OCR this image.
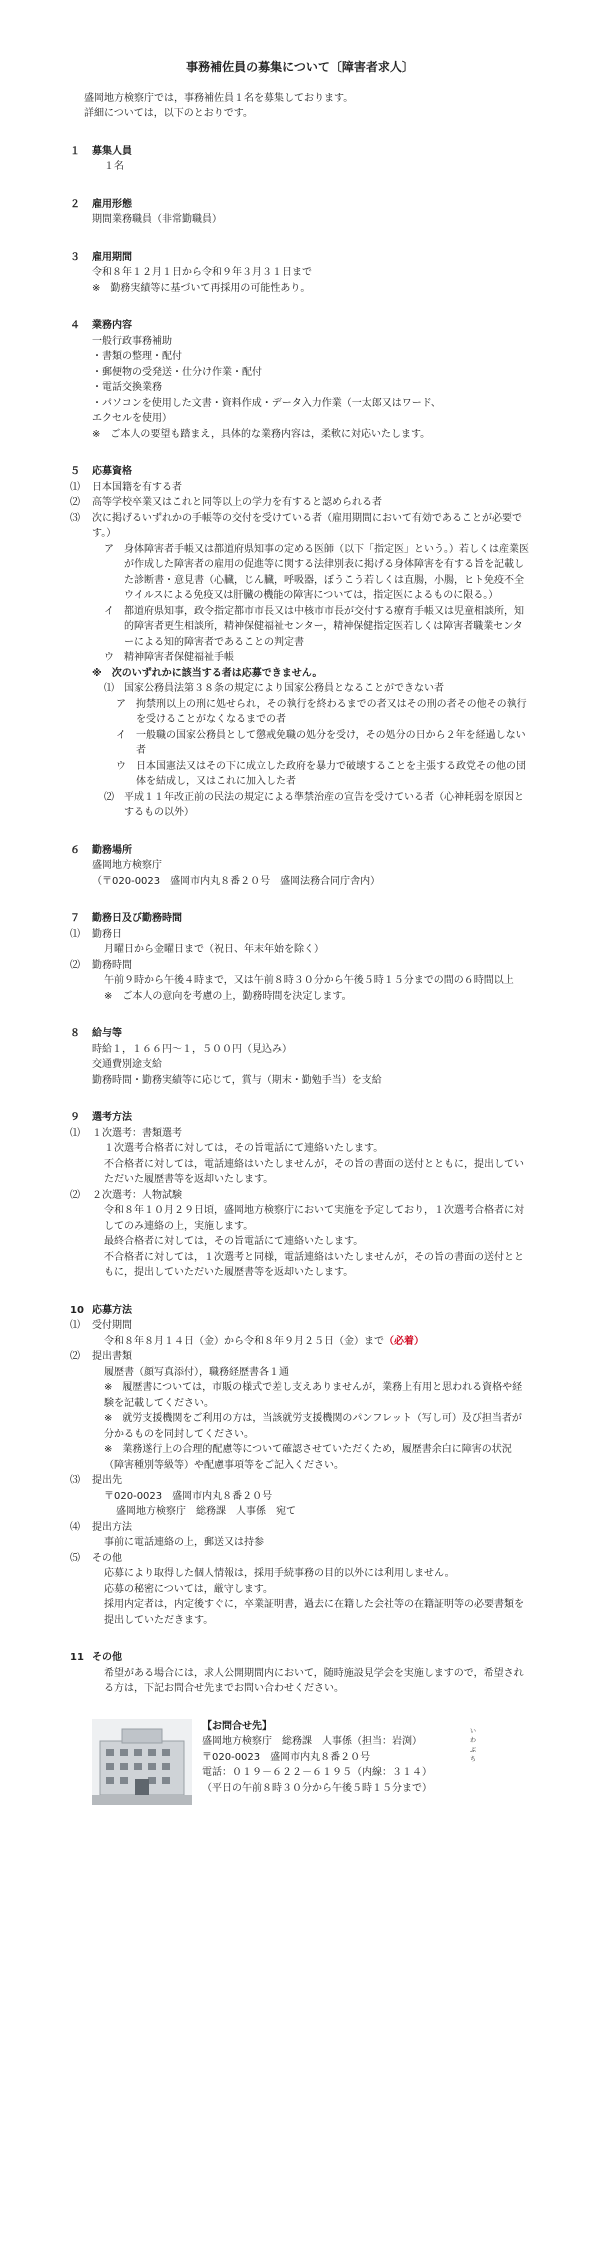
事務補佐員の募集について〔障害者求人〕
盛岡地方検察庁では，事務補佐員１名を募集しております。
詳細については，以下のとおりです。
１	募集人員
１名
２	雇用形態
期間業務職員（非常勤職員）
３	雇用期間
令和８年１２月１日から令和９年３月３１日まで
※　勤務実績等に基づいて再採用の可能性あり。
４	業務内容
一般行政事務補助
・書類の整理・配付
・郵便物の受発送・仕分け作業・配付
・電話交換業務
・パソコンを使用した文書・資料作成・データ入力作業（一太郎又はワード、
エクセルを使用）
※　ご本人の要望も踏まえ，具体的な業務内容は，柔軟に対応いたします。
５	応募資格
⑴	日本国籍を有する者
⑵	高等学校卒業又はこれと同等以上の学力を有すると認められる者
⑶	次に掲げるいずれかの手帳等の交付を受けている者（雇用期間において有効であることが必要です。）
ア	身体障害者手帳又は都道府県知事の定める医師（以下「指定医」という。）若しくは産業医が作成した障害者の雇用の促進等に関する法律別表に掲げる身体障害を有する旨を記載した診断書・意見書（心臓，じん臓，呼吸器，ぼうこう若しくは直腸，小腸，ヒト免疫不全ウイルスによる免疫又は肝臓の機能の障害については，指定医によるものに限る。）
イ	都道府県知事，政令指定都市市長又は中核市市長が交付する療育手帳又は児童相談所，知的障害者更生相談所，精神保健福祉センター，精神保健指定医若しくは障害者職業センターによる知的障害者であることの判定書
ウ	精神障害者保健福祉手帳
※　次のいずれかに該当する者は応募できません。
⑴	国家公務員法第３８条の規定により国家公務員となることができない者
ア	拘禁刑以上の刑に処せられ，その執行を終わるまでの者又はその刑の者その他その執行を受けることがなくなるまでの者
イ	一般職の国家公務員として懲戒免職の処分を受け，その処分の日から２年を経過しない者
ウ	日本国憲法又はその下に成立した政府を暴力で破壊することを主張する政党その他の団体を結成し，又はこれに加入した者
⑵	平成１１年改正前の民法の規定による準禁治産の宣告を受けている者（心神耗弱を原因とするもの以外）
６	勤務場所
盛岡地方検察庁
（〒020-0023　盛岡市内丸８番２０号　盛岡法務合同庁舎内）
７	勤務日及び勤務時間
⑴	勤務日
月曜日から金曜日まで（祝日、年末年始を除く）
⑵	勤務時間
午前９時から午後４時まで，又は午前８時３０分から午後５時１５分までの間の６時間以上
※　ご本人の意向を考慮の上，勤務時間を決定します。
８	給与等
時給１，１６６円～１，５００円（見込み）
交通費別途支給
勤務時間・勤務実績等に応じて，賞与（期末・勤勉手当）を支給
９	選考方法
⑴	１次選考：書類選考
１次選考合格者に対しては，その旨電話にて連絡いたします。
不合格者に対しては，電話連絡はいたしませんが，その旨の書面の送付とともに，提出していただいた履歴書等を返却いたします。
⑵	２次選考：人物試験
令和８年１０月２９日頃，盛岡地方検察庁において実施を予定しており，１次選考合格者に対してのみ連絡の上，実施します。
最終合格者に対しては，その旨電話にて連絡いたします。
不合格者に対しては，１次選考と同様，電話連絡はいたしませんが，その旨の書面の送付とともに，提出していただいた履歴書等を返却いたします。
10 応募方法
⑴	受付期間
令和８年８月１４日（金）から令和８年９月２５日（金）まで（必着）
⑵	提出書類
履歴書（顔写真添付），職務経歴書各１通
※　履歴書については，市販の様式で差し支えありませんが，業務上有用と思われる資格や経験を記載してください。
※　就労支援機関をご利用の方は，当該就労支援機関のパンフレット（写し可）及び担当者が分かるものを同封してください。
※　業務遂行上の合理的配慮等について確認させていただくため，履歴書余白に障害の状況（障害種別等級等）や配慮事項等をご記入ください。
⑶	提出先
〒020-0023　盛岡市内丸８番２０号
盛岡地方検察庁　総務課　人事係　宛て
⑷	提出方法
事前に電話連絡の上，郵送又は持参
⑸	その他
応募により取得した個人情報は，採用手続事務の目的以外には利用しません。
応募の秘密については，厳守します。
採用内定者は，内定後すぐに，卒業証明書，過去に在籍した会社等の在籍証明等の必要書類を提出していただきます。
11 その他
希望がある場合には，求人公開期間内において，随時施設見学会を実施しますので，希望される方は，下記お問合せ先までお問い合わせください。
【お問合せ先】
盛岡地方検察庁　総務課　人事係（担当：岩渕）
いわぶち
〒020-0023　盛岡市内丸８番２０号
電話：０１９－６２２－６１９５（内線：３１４）
（平日の午前８時３０分から午後５時１５分まで）
